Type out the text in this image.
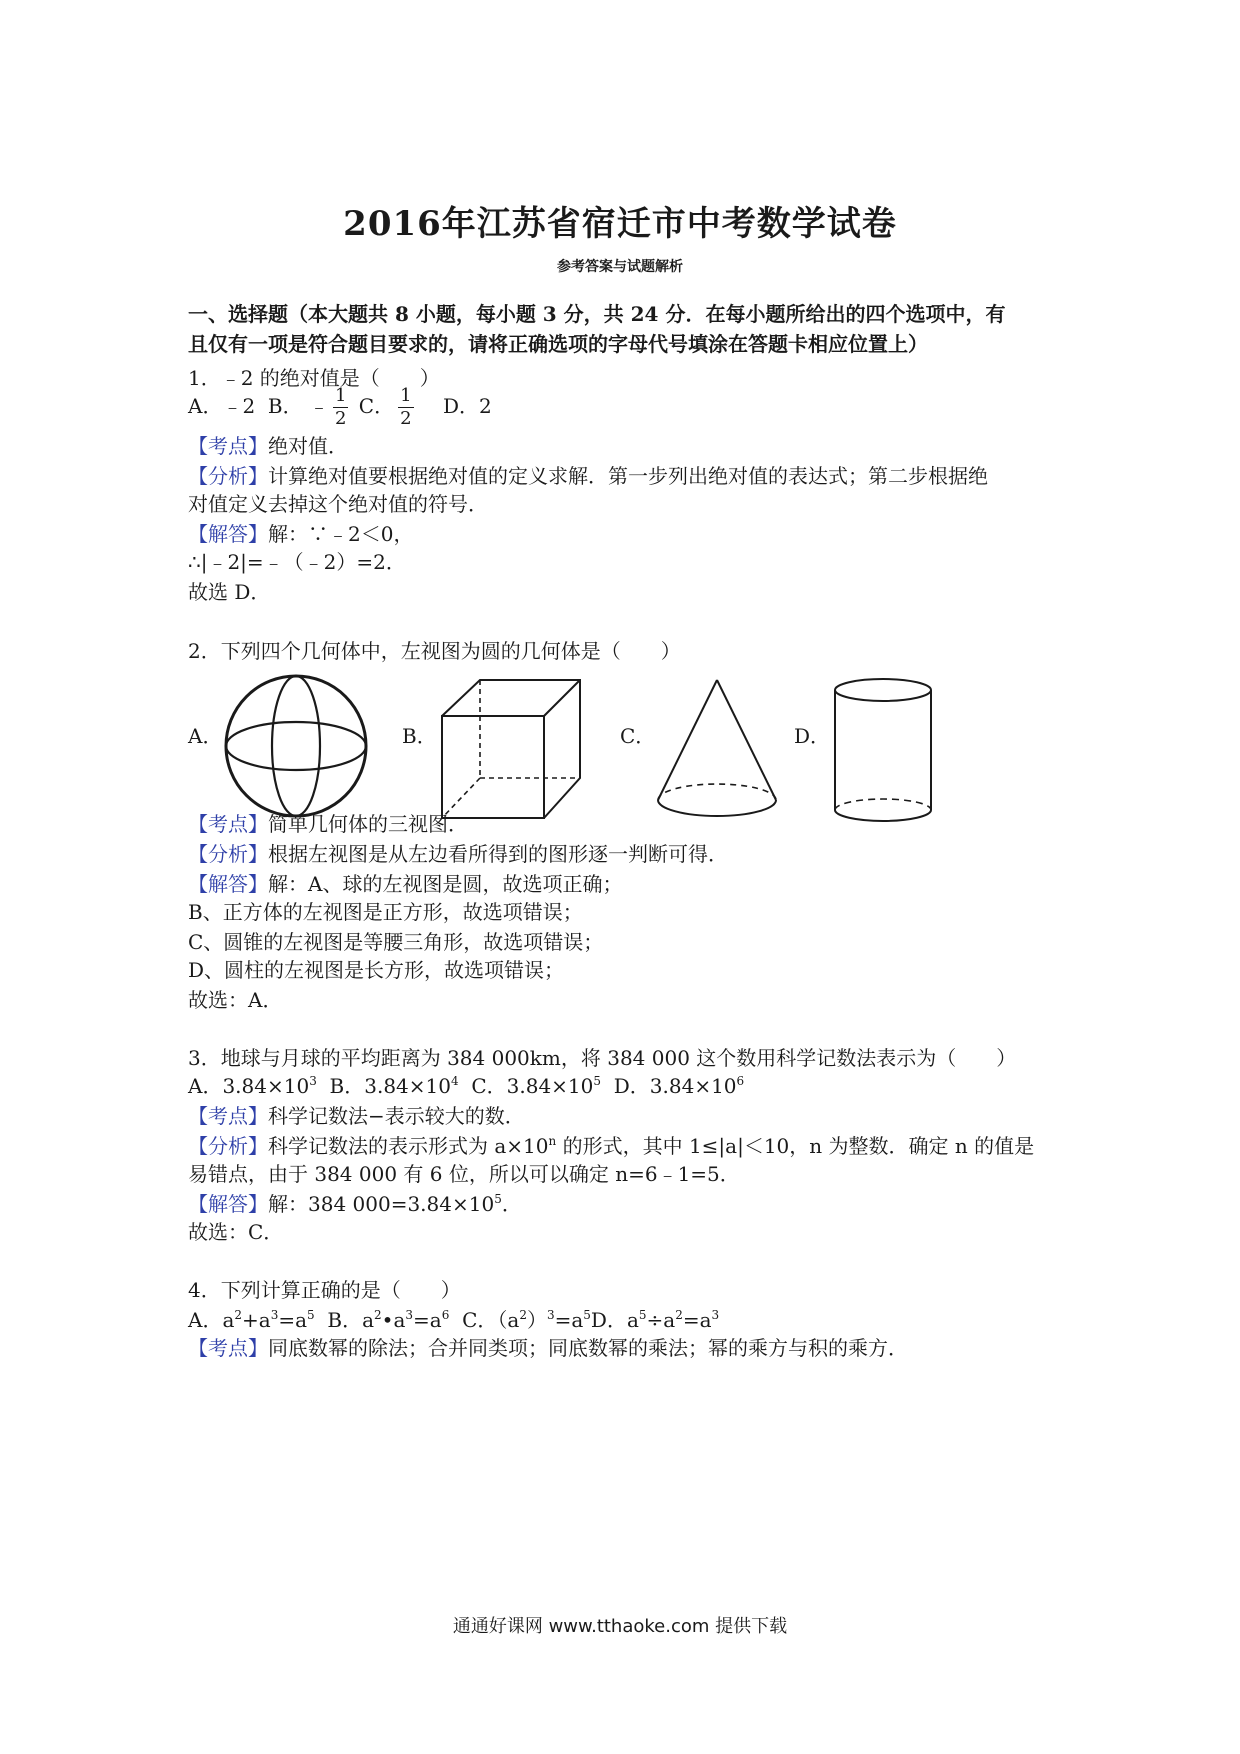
2016年江苏省宿迁市中考数学试卷
参考答案与试题解析
一、选择题（本大题共 8 小题，每小题 3 分，共 24 分．在每小题所给出的四个选项中，有
且仅有一项是符合题目要求的，请将正确选项的字母代号填涂在答题卡相应位置上）
1．﹣2 的绝对值是（　　）
A．﹣2 B． ﹣ $\frac{1}{2}$ C． $\frac{1}{2}$ D．2
【考点】绝对值．
【分析】计算绝对值要根据绝对值的定义求解．第一步列出绝对值的表达式；第二步根据绝
对值定义去掉这个绝对值的符号．
【解答】解：∵﹣2＜0，
∴|﹣2|=﹣（﹣2）=2．
故选 D．
2．下列四个几何体中，左视图为圆的几何体是（　　）
A．	B．	C．	D．
【考点】简单几何体的三视图．
【分析】根据左视图是从左边看所得到的图形逐一判断可得．
【解答】解：A、球的左视图是圆，故选项正确；
B、正方体的左视图是正方形，故选项错误；
C、圆锥的左视图是等腰三角形，故选项错误；
D、圆柱的左视图是长方形，故选项错误；
故选：A．
3．地球与月球的平均距离为 384 000km，将 384 000 这个数用科学记数法表示为（　　）
A．$3.84\times 10^3$ B．$3.84\times 10^4$ C．$3.84\times 10^5$ D．$3.84\times 10^6$
【考点】科学记数法−表示较大的数．
【分析】科学记数法的表示形式为 $a\times 10^n$ 的形式，其中 1≤|a|＜10，n 为整数．确定 n 的值是
易错点，由于 384 000 有 6 位，所以可以确定 n=6﹣1=5．
【解答】解：384 $000=3.84\times 10^5$．
故选：C．
4．下列计算正确的是（　　）
A．$a^2+a^3=a^5$ B．$a^2•a^3=a^6$ C．$(a^2)^3=a^5D$．$a^5\div a^2=a^3$
【考点】同底数幂的除法；合并同类项；同底数幂的乘法；幂的乘方与积的乘方．
通通好课网 www.tthaoke.com 提供下载
